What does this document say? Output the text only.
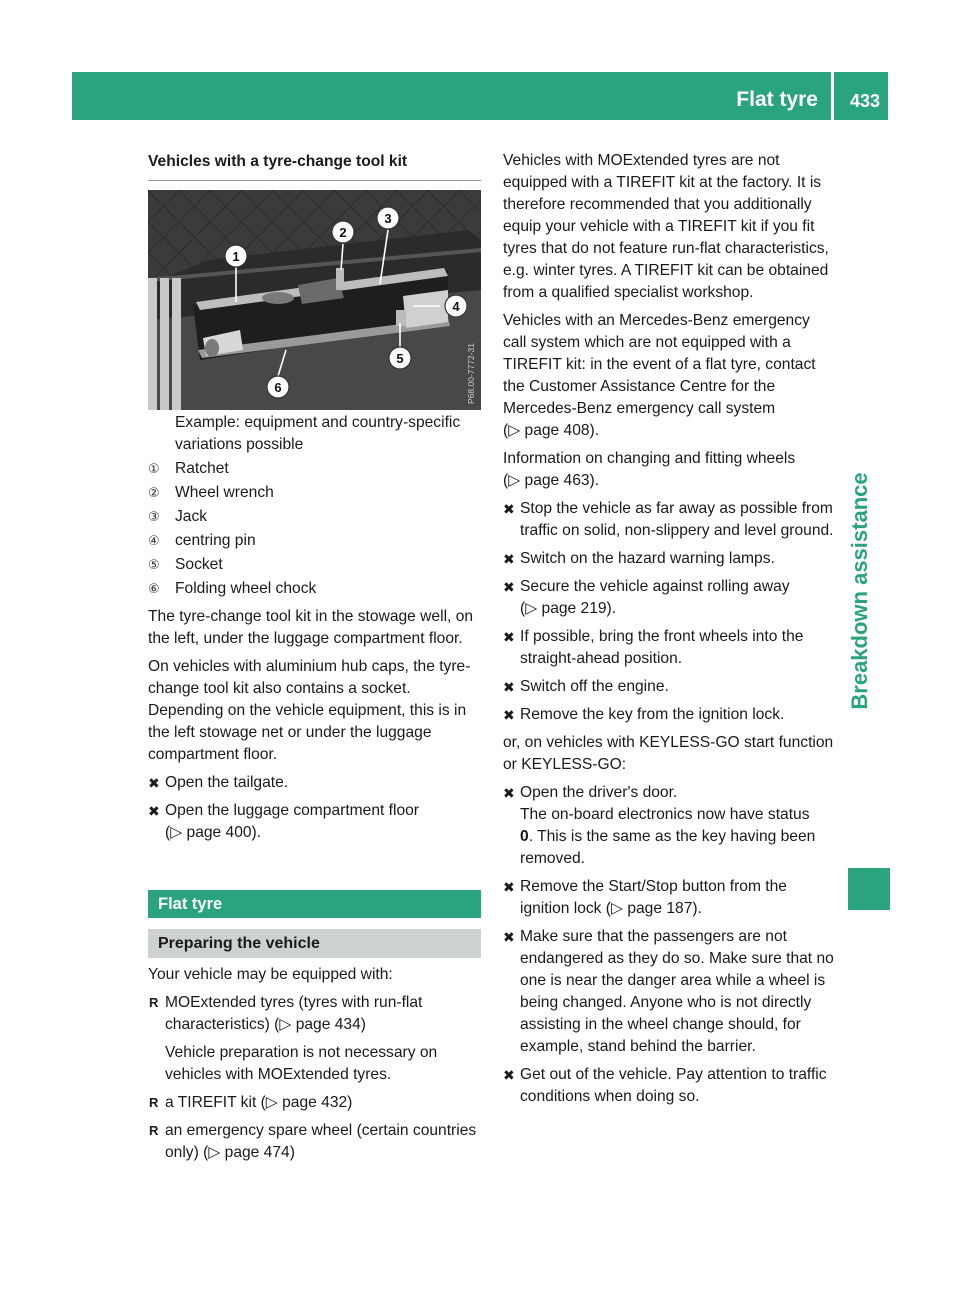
Flat tyre 433
Breakdown assistance
Vehicles with a tyre-change tool kit
1
2
3
4
5
6	P68.00-7772-31
Example: equipment and country-specific variations possible
① Ratchet
② Wheel wrench
③ Jack
④ centring pin
⑤ Socket
⑥ Folding wheel chock

The tyre-change tool kit in the stowage well, on the left, under the luggage compartment floor.

On vehicles with aluminium hub caps, the tyre-change tool kit also contains a socket. Depending on the vehicle equipment, this is in the left stowage net or under the luggage compartment floor.

✖ Open the tailgate.
✖ Open the luggage compartment floor
(▷ page 400).
Flat tyre
Preparing the vehicle

Your vehicle may be equipped with:

R MOExtended tyres (tyres with run-flat characteristics) (▷ page 434)
Vehicle preparation is not necessary on vehicles with MOExtended tyres.
R a TIREFIT kit (▷ page 432)
R an emergency spare wheel (certain countries only) (▷ page 474)

Vehicles with MOExtended tyres are not equipped with a TIREFIT kit at the factory. It is therefore recommended that you additionally equip your vehicle with a TIREFIT kit if you fit tyres that do not feature run-flat characteristics, e.g. winter tyres. A TIREFIT kit can be obtained from a qualified specialist workshop.

Vehicles with an Mercedes-Benz emergency call system which are not equipped with a TIREFIT kit: in the event of a flat tyre, contact the Customer Assistance Centre for the Mercedes-Benz emergency call system
(▷ page 408).

Information on changing and fitting wheels
(▷ page 463).

✖ Stop the vehicle as far away as possible from traffic on solid, non-slippery and level ground.
✖ Switch on the hazard warning lamps.
✖ Secure the vehicle against rolling away
(▷ page 219).
✖ If possible, bring the front wheels into the straight-ahead position.
✖ Switch off the engine.
✖ Remove the key from the ignition lock.

or, on vehicles with KEYLESS-GO start function or KEYLESS-GO:

✖ Open the driver's door.
The on-board electronics now have status
0. This is the same as the key having been removed.
✖ Remove the Start/Stop button from the ignition lock (▷ page 187).
✖ Make sure that the passengers are not endangered as they do so. Make sure that no one is near the danger area while a wheel is being changed. Anyone who is not directly assisting in the wheel change should, for example, stand behind the barrier.
✖ Get out of the vehicle. Pay attention to traffic conditions when doing so.
